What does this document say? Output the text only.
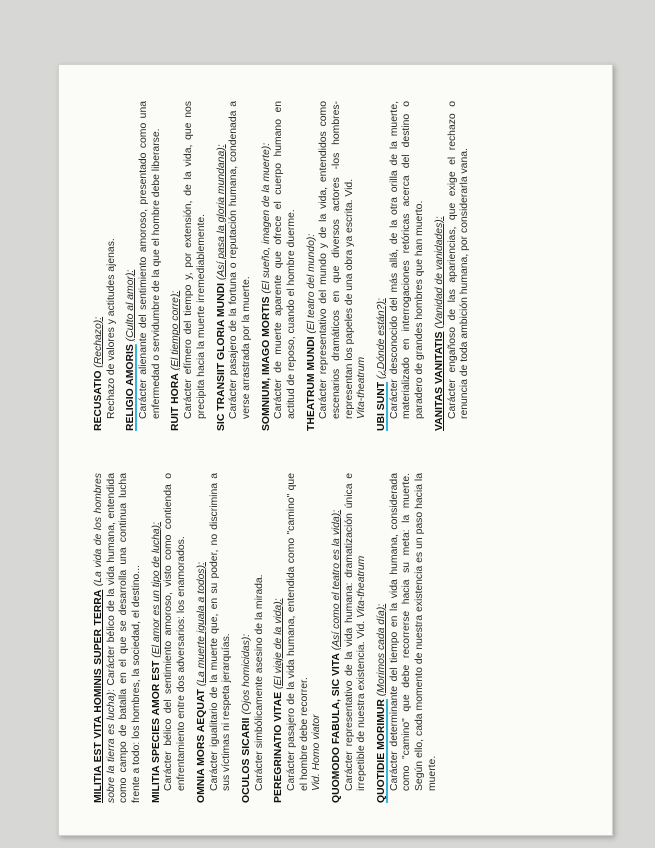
MILITIA EST VITA HOMINIS SUPER TERRA (La vida de los hombres sobre la tierra es lucha): Carácter bélico de la vida humana, entendida como campo de batalla en el que se desarrolla una continua lucha frente a todo: los hombres, la sociedad, el destino... MILITIA SPECIES AMOR EST (El amor es un tipo de lucha): Carácter bélico del sentimiento amoroso, visto como contienda o enfrentamiento entre dos adversarios: los enamorados. OMNIA MORS AEQUAT (La muerte iguala a todos): Carácter igualitario de la muerte que, en su poder, no discrimina a sus víctimas ni respeta jerarquías. OCULOS SICARII (Ojos homicidas): Carácter simbólicamente asesino de la mirada. PEREGRINATIO VITAE (El viaje de la vida): Carácter pasajero de la vida humana, entendida como "camino" que el hombre debe recorrer. Vid. Homo viator QUOMODO FABULA, SIC VITA (Así como el teatro es la vida): Carácter representativo de la vida humana: dramatización única e irrepetible de nuestra existencia. Vid. Vita-theatrum
QUOTIDIE MORIMUR (Morimos cada día): Carácter determinante del tiempo en la vida humana, considerada como "camino" que debe recorrerse hacia su meta: la muerte. Según ello, cada momento de nuestra existencia es un paso hacia la muerte.
RECUSATIO (Rechazo): Rechazo de valores y actitudes ajenas. RELIGIO AMORIS (Culto al amor): Carácter alienante del sentimiento amoroso, presentado como una enfermedad o servidumbre de la que el hombre debe liberarse. RUIT HORA (El tiempo corre): Carácter efímero del tiempo y, por extensión, de la vida, que nos precipita hacia la muerte irremediablemente. SIC TRANSIIT GLORIA MUNDI (Así pasa la gloria mundana): Carácter pasajero de la fortuna o reputación humana, condenada a verse arrastrada por la muerte. SOMNIUM, IMAGO MORTIS (El sueño, imagen de la muerte): Carácter de muerte aparente que ofrece el cuerpo humano en actitud de reposo, cuando el hombre duerme. THEATRUM MUNDI (El teatro del mundo): Carácter representativo del mundo y de la vida, entendidos como escenarios dramáticos en que diversos actores -los hombres- representan los papeles de una obra ya escrita. Vid. Vita-theatrum UBI SUNT (¿Dónde están?): Carácter desconocido del más allá, de la otra orilla de la muerte, materializado en interrogaciones retóricas acerca del destino o paradero de grandes hombres que han muerto. VANITAS VANITATIS (Vanidad de vanidades): Carácter engañoso de las apariencias, que exige el rechazo o renuncia de toda ambición humana, por considerarla vana.
